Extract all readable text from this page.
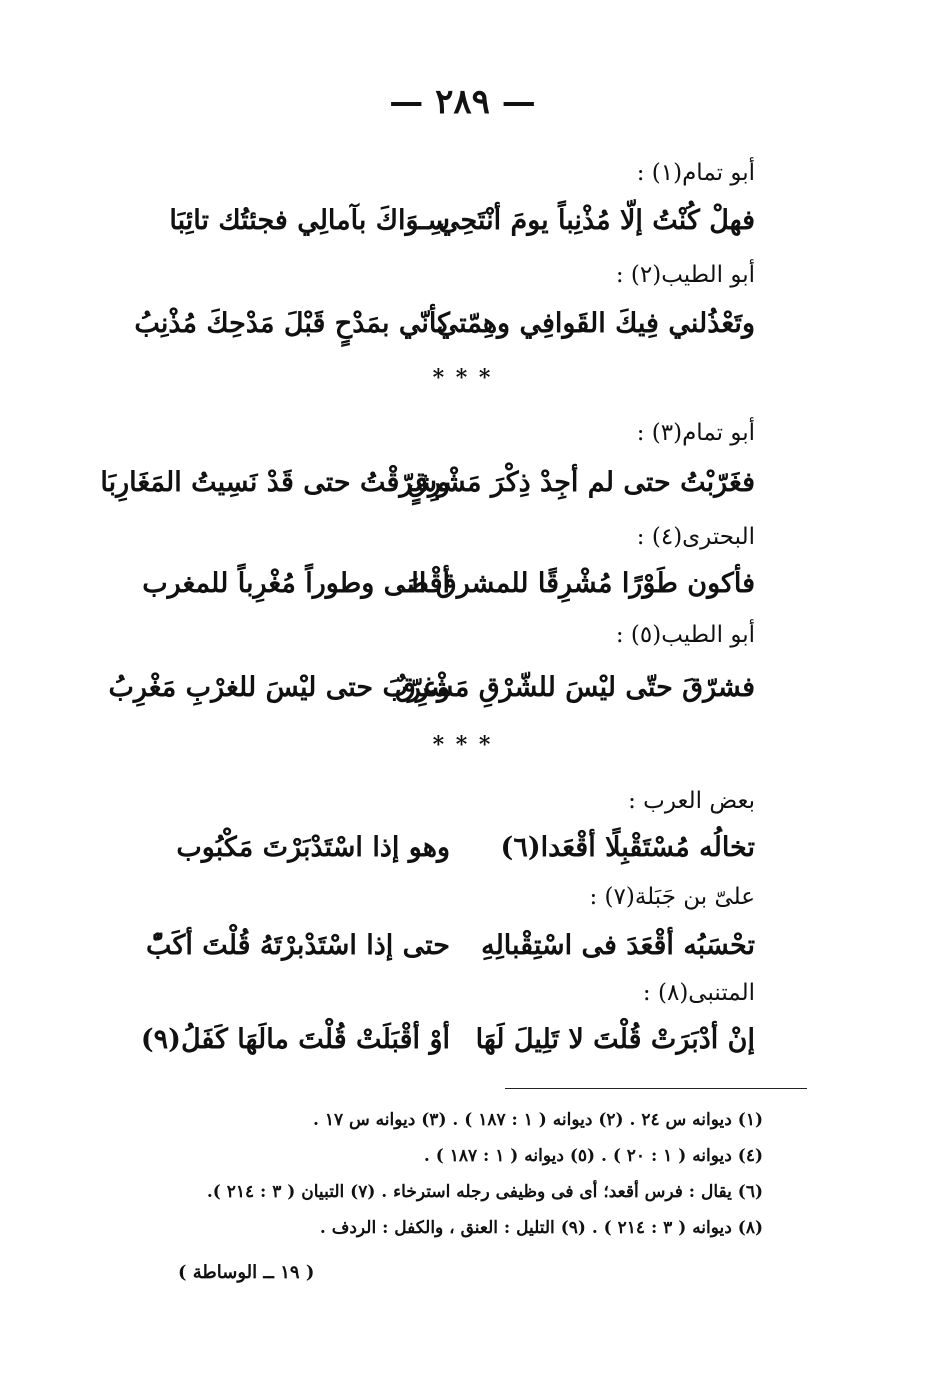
— ٢٨٩ —
أبو تمام(١) :
فهلْ كُنْتُ إلّا مُذْنِباً يومَ أنْتَحِي
سِـوَاكَ بآمالِي فجئتُك تائِبَا
أبو الطيب(٢) :
وتَعْذُلني فِيكَ القَوافِي وهِمّتي
كأنّي بمَدْحٍ قَبْلَ مَدْحِكَ مُذْنِبُ
* * *
أبو تمام(٣) :
فغَرّبْتُ حتى لم أجِدْ ذِكْرَ مَشْرِقٍ
وشرّقْتُ حتى قَدْ نَسِيتُ المَغَارِبَا
البحترى(٤) :
فأكون طَوْرًا مُشْرِقًا للمشرق الـ
أقْصَى وطوراً مُغْرِباً للمغرب
أبو الطيب(٥) :
فشرّقَ حتّى ليْسَ للشّرْقِ مَشْرِقٌ
وغرّبَ حتى ليْسَ للغرْبِ مَغْرِبُ
* * *
بعض العرب :
تخالُه مُسْتَقْبِلًا أقْعَدا(٦)
وهو إذا اسْتَدْبَرْتَ مَكْبُوب
علىّ بن جَبَلة(٧) :
تحْسَبُه أقْعَدَ فى اسْتِقْبالِهِ
حتى إذا اسْتَدْبرْتَهُ قُلْتَ أكَبّْ
المتنبى(٨) :
إنْ أدْبَرَتْ قُلْتَ لا تَلِيلَ لَهَا
أوْ أقْبَلَتْ قُلْتَ مالَهَا كَفَلُ(٩)
(١) ديوانه س ٢٤ . (٢) ديوانه ( ١ : ١٨٧ ) . (٣) ديوانه س ١٧ .
(٤) ديوانه ( ١ : ٢٠ ) . (٥) ديوانه ( ١ : ١٨٧ ) .
(٦) يقال : فرس أقعد؛ أى فى وظيفى رجله استرخاء . (٧) التبيان ( ٣ : ٢١٤ ).
(٨) ديوانه ( ٣ : ٢١٤ ) . (٩) التليل : العنق ، والكفل : الردف .
( ١٩ ــ الوساطة )
